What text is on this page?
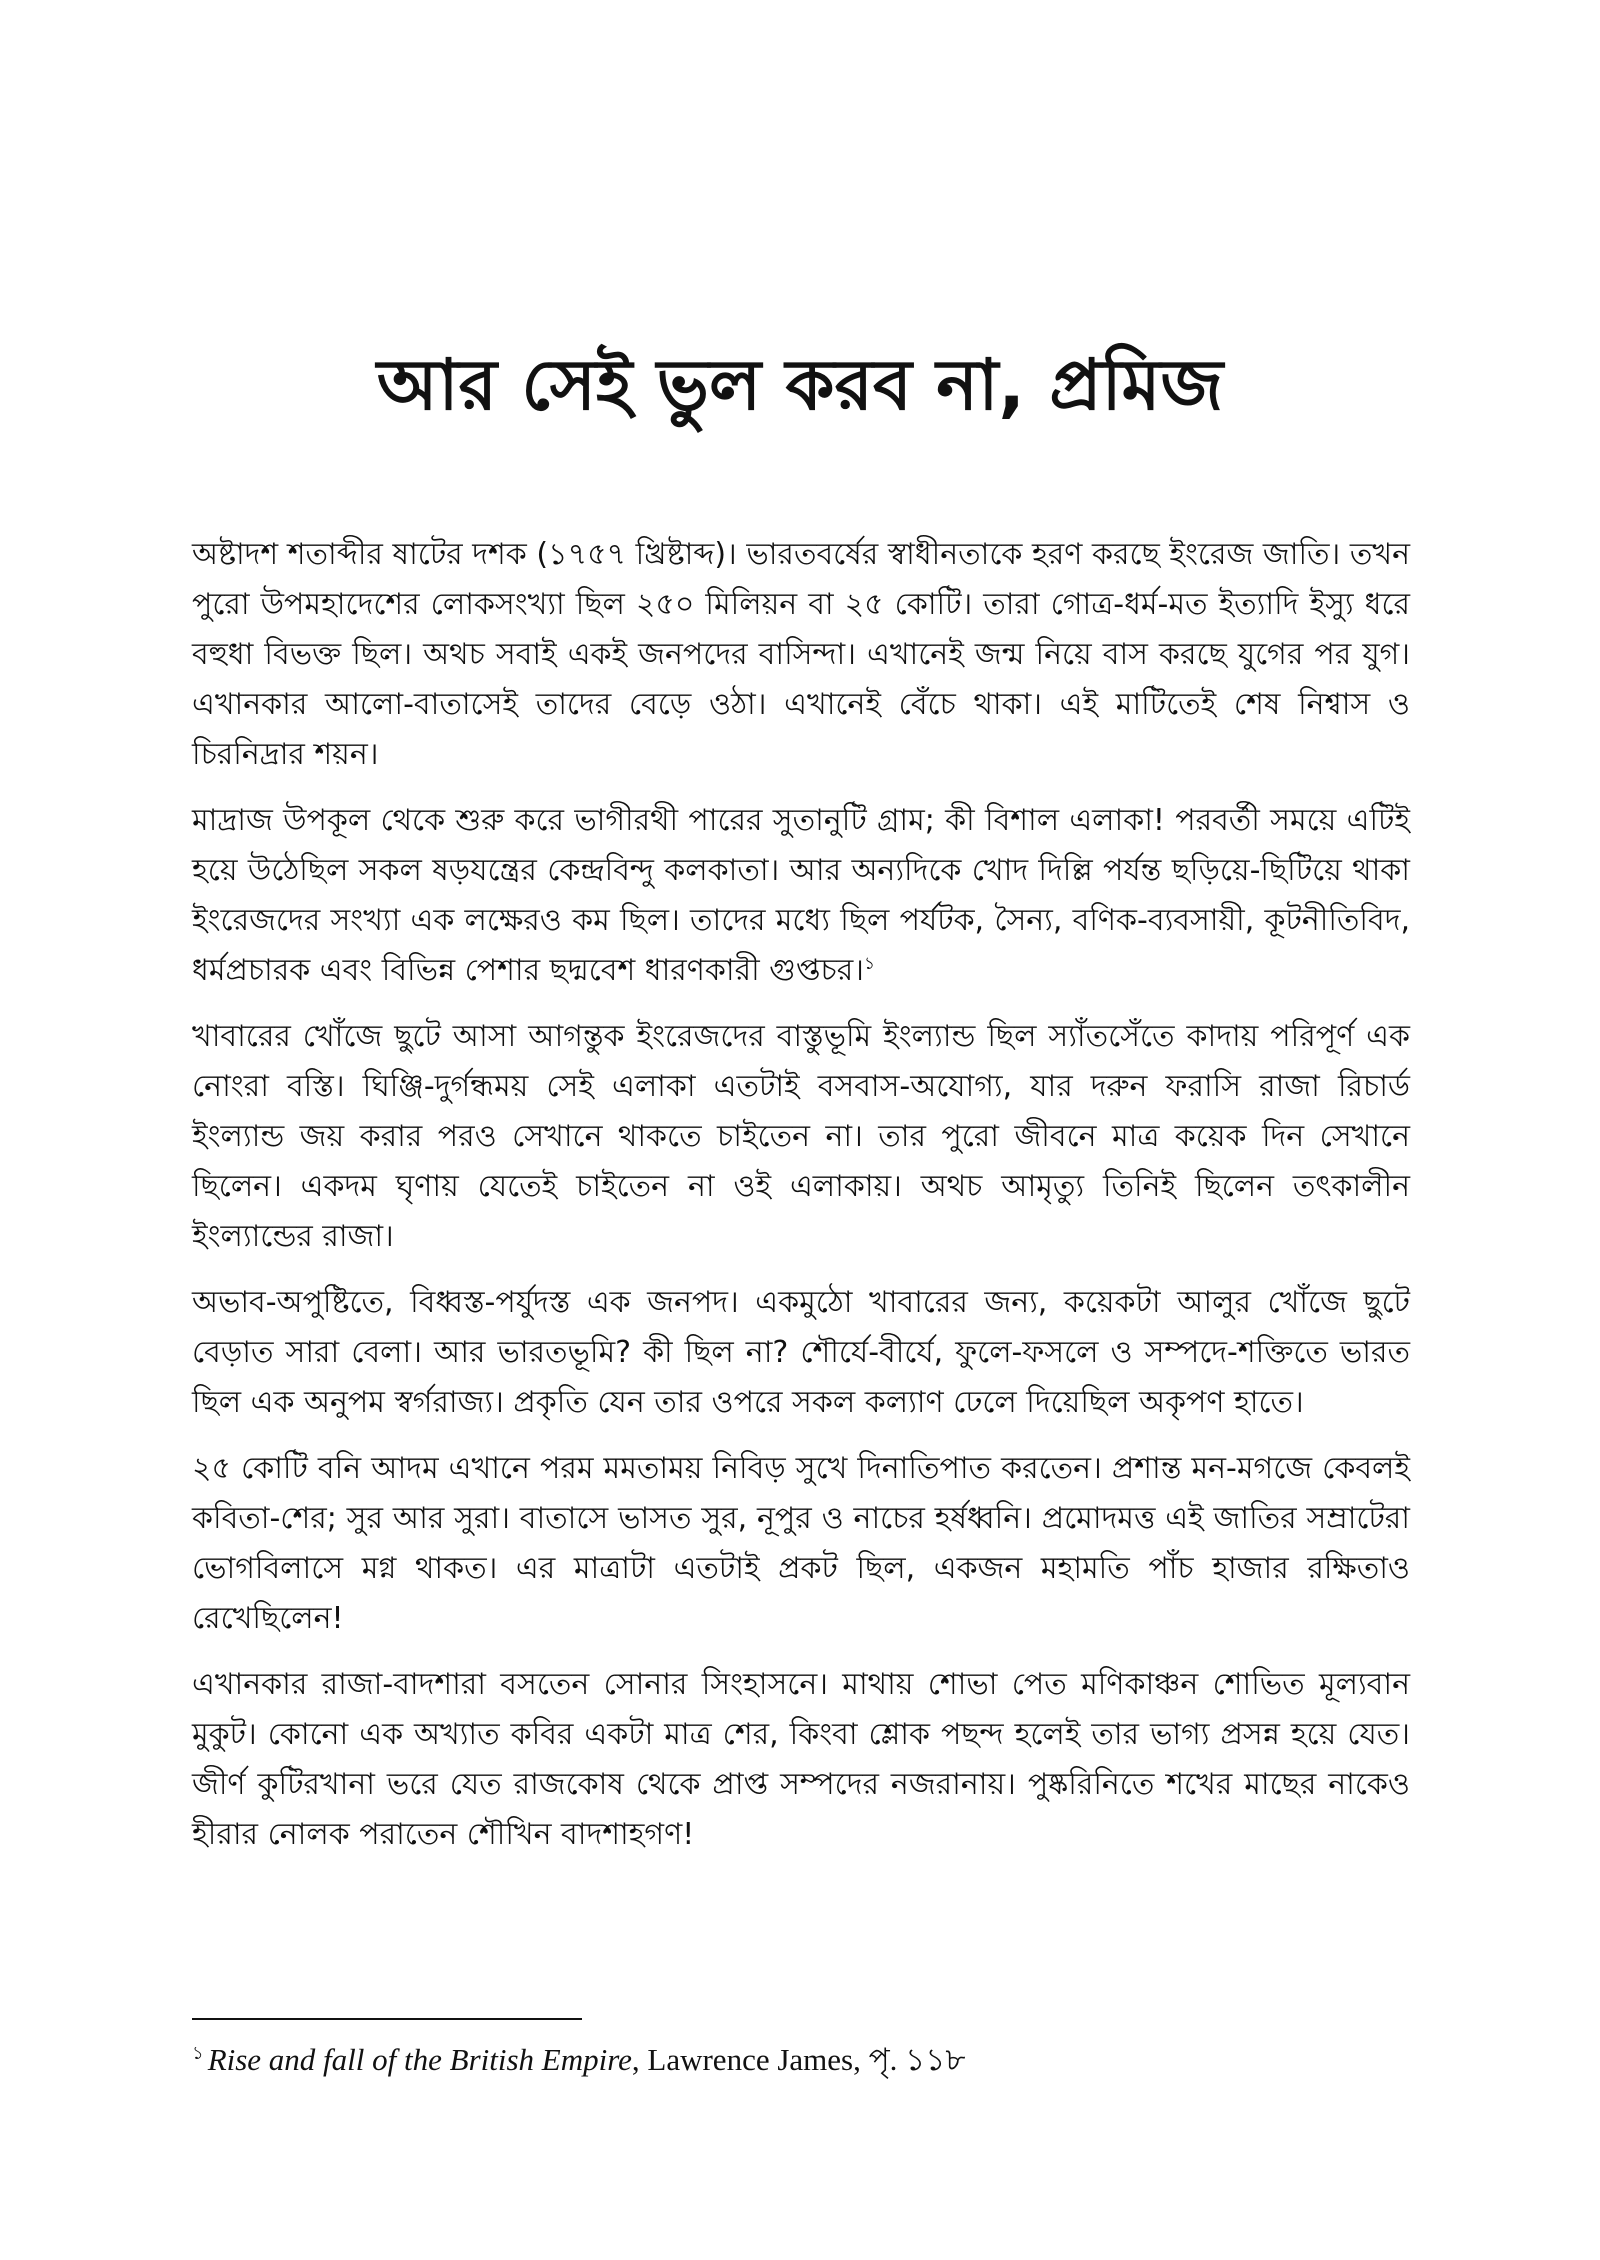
আর সেই ভুল করব না, প্রমিজ

অষ্টাদশ শতাব্দীর ষাটের দশক (১৭৫৭ খ্রিষ্টাব্দ)। ভারতবর্ষের স্বাধীনতাকে হরণ করছে ইংরেজ জাতি। তখন পুরো উপমহাদেশের লোকসংখ্যা ছিল ২৫০ মিলিয়ন বা ২৫ কোটি। তারা গোত্র-ধর্ম-মত ইত্যাদি ইস্যু ধরে বহুধা বিভক্ত ছিল। অথচ সবাই একই জনপদের বাসিন্দা। এখানেই জন্ম নিয়ে বাস করছে যুগের পর যুগ। এখানকার আলো-বাতাসেই তাদের বেড়ে ওঠা। এখানেই বেঁচে থাকা। এই মাটিতেই শেষ নিশ্বাস ও চিরনিদ্রার শয়ন।

মাদ্রাজ উপকূল থেকে শুরু করে ভাগীরথী পারের সুতানুটি গ্রাম; কী বিশাল এলাকা! পরবর্তী সময়ে এটিই হয়ে উঠেছিল সকল ষড়যন্ত্রের কেন্দ্রবিন্দু কলকাতা। আর অন্যদিকে খোদ দিল্লি পর্যন্ত ছড়িয়ে-ছিটিয়ে থাকা ইংরেজদের সংখ্যা এক লক্ষেরও কম ছিল। তাদের মধ্যে ছিল পর্যটক, সৈন্য, বণিক-ব্যবসায়ী, কূটনীতিবিদ, ধর্মপ্রচারক এবং বিভিন্ন পেশার ছদ্মবেশ ধারণকারী গুপ্তচর।$^১$

খাবারের খোঁজে ছুটে আসা আগন্তুক ইংরেজদের বাস্তুভূমি ইংল্যান্ড ছিল স্যাঁতসেঁতে কাদায় পরিপূর্ণ এক নোংরা বস্তি। ঘিঞ্জি-দুর্গন্ধময় সেই এলাকা এতটাই বসবাস-অযোগ্য, যার দরুন ফরাসি রাজা রিচার্ড ইংল্যান্ড জয় করার পরও সেখানে থাকতে চাইতেন না। তার পুরো জীবনে মাত্র কয়েক দিন সেখানে ছিলেন। একদম ঘৃণায় যেতেই চাইতেন না ওই এলাকায়। অথচ আমৃত্যু তিনিই ছিলেন তৎকালীন ইংল্যান্ডের রাজা।

অভাব-অপুষ্টিতে, বিধ্বস্ত-পর্যুদস্ত এক জনপদ। একমুঠো খাবারের জন্য, কয়েকটা আলুর খোঁজে ছুটে বেড়াত সারা বেলা। আর ভারতভূমি? কী ছিল না? শৌর্যে-বীর্যে, ফুলে-ফসলে ও সম্পদে-শক্তিতে ভারত ছিল এক অনুপম স্বর্গরাজ্য। প্রকৃতি যেন তার ওপরে সকল কল্যাণ ঢেলে দিয়েছিল অকৃপণ হাতে।

২৫ কোটি বনি আদম এখানে পরম মমতাময় নিবিড় সুখে দিনাতিপাত করতেন। প্রশান্ত মন-মগজে কেবলই কবিতা-শের; সুর আর সুরা। বাতাসে ভাসত সুর, নূপুর ও নাচের হর্ষধ্বনি। প্রমোদমত্ত এই জাতির সম্রাটেরা ভোগবিলাসে মগ্ন থাকত। এর মাত্রাটা এতটাই প্রকট ছিল, একজন মহামতি পাঁচ হাজার রক্ষিতাও রেখেছিলেন!

এখানকার রাজা-বাদশারা বসতেন সোনার সিংহাসনে। মাথায় শোভা পেত মণিকাঞ্চন শোভিত মূল্যবান মুকুট। কোনো এক অখ্যাত কবির একটা মাত্র শের, কিংবা শ্লোক পছন্দ হলেই তার ভাগ্য প্রসন্ন হয়ে যেত। জীর্ণ কুটিরখানা ভরে যেত রাজকোষ থেকে প্রাপ্ত সম্পদের নজরানায়। পুষ্করিনিতে শখের মাছের নাকেও হীরার নোলক পরাতেন শৌখিন বাদশাহগণ!

$^১$ Rise and fall of the British Empire, Lawrence James, পৃ. ১১৮
